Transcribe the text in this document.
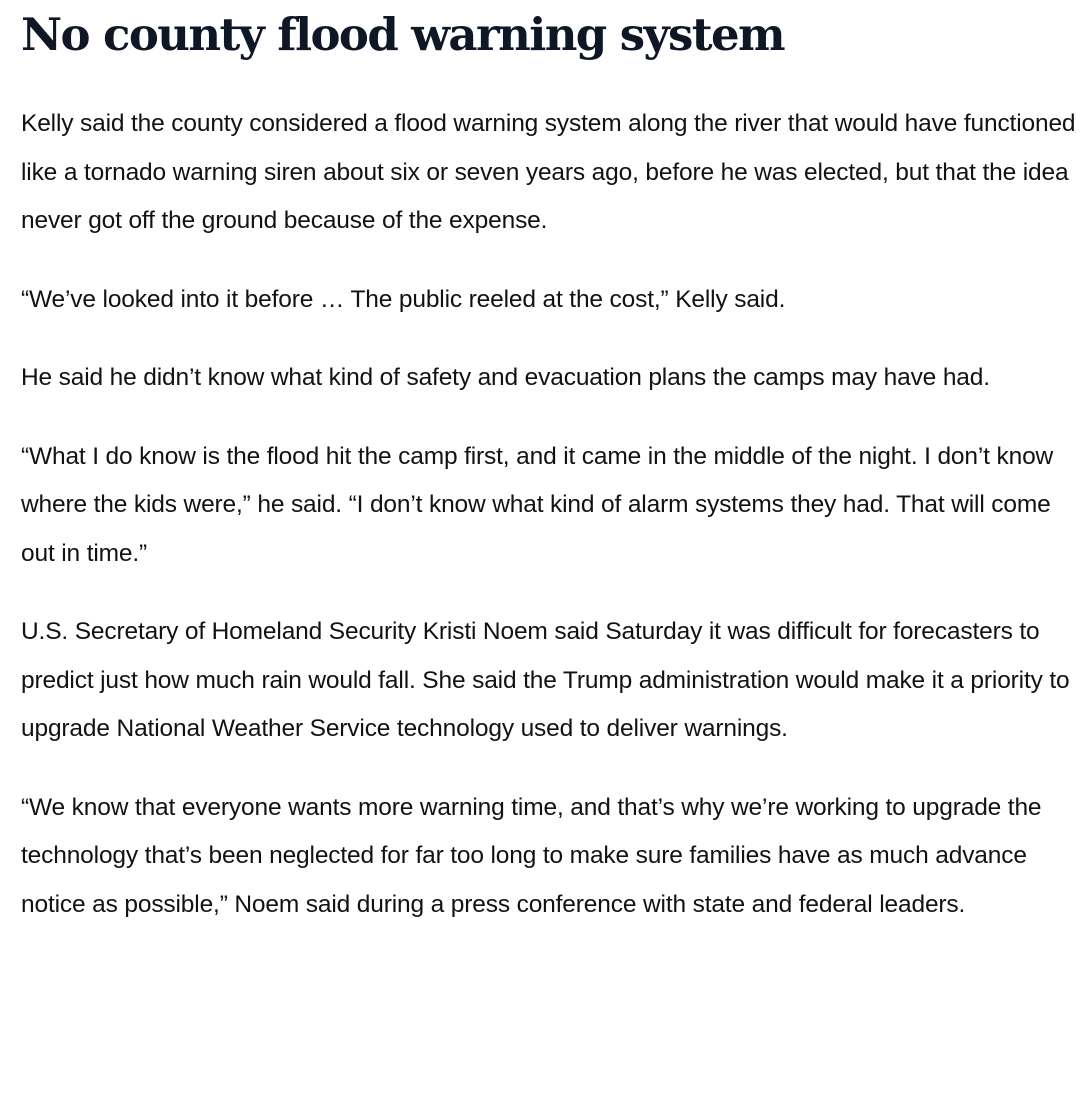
No county flood warning system

Kelly said the county considered a flood warning system along the river that would have functioned like a tornado warning siren about six or seven years ago, before he was elected, but that the idea never got off the ground because of the expense.

“We’ve looked into it before … The public reeled at the cost,” Kelly said.

He said he didn’t know what kind of safety and evacuation plans the camps may have had.

“What I do know is the flood hit the camp first, and it came in the middle of the night. I don’t know where the kids were,” he said. “I don’t know what kind of alarm systems they had. That will come out in time.”

U.S. Secretary of Homeland Security Kristi Noem said Saturday it was difficult for forecasters to predict just how much rain would fall. She said the Trump administration would make it a priority to upgrade National Weather Service technology used to deliver warnings.

“We know that everyone wants more warning time, and that’s why we’re working to upgrade the technology that’s been neglected for far too long to make sure families have as much advance notice as possible,” Noem said during a press conference with state and federal leaders.
